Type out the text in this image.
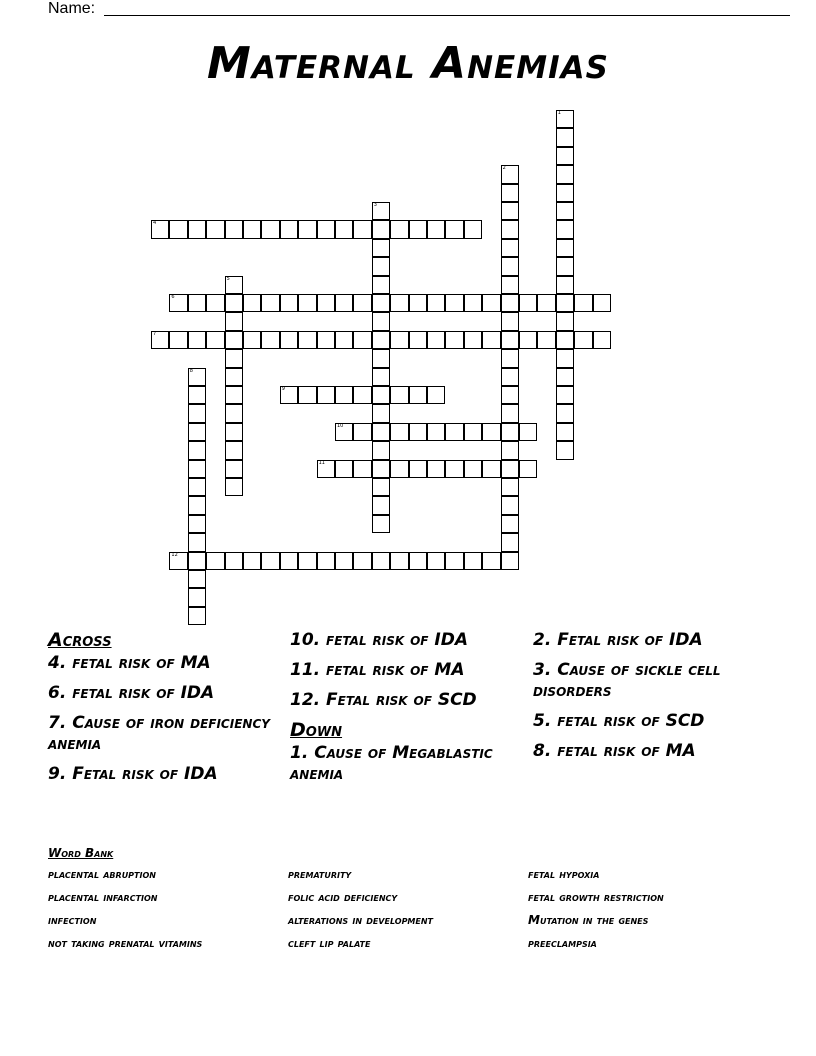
Name:
Maternal Anemias
4
6
7
9
10
11
12
1
2
3
5
8
Across
4. fetal risk of MA
6. fetal risk of IDA
7. Cause of iron deficiency anemia
9. Fetal risk of IDA
10. fetal risk of IDA
11. fetal risk of MA
12. Fetal risk of SCD
Down
1. Cause of Megablastic anemia
2. Fetal risk of IDA
3. Cause of sickle cell disorders
5. fetal risk of SCD
8. fetal risk of MA
Word Bank
placental abruption	prematurity	fetal hypoxia
placental infarction	folic acid deficiency	fetal growth restriction
infection	alterations in development	Mutation in the genes
not taking prenatal vitamins	cleft lip palate	preeclampsia
